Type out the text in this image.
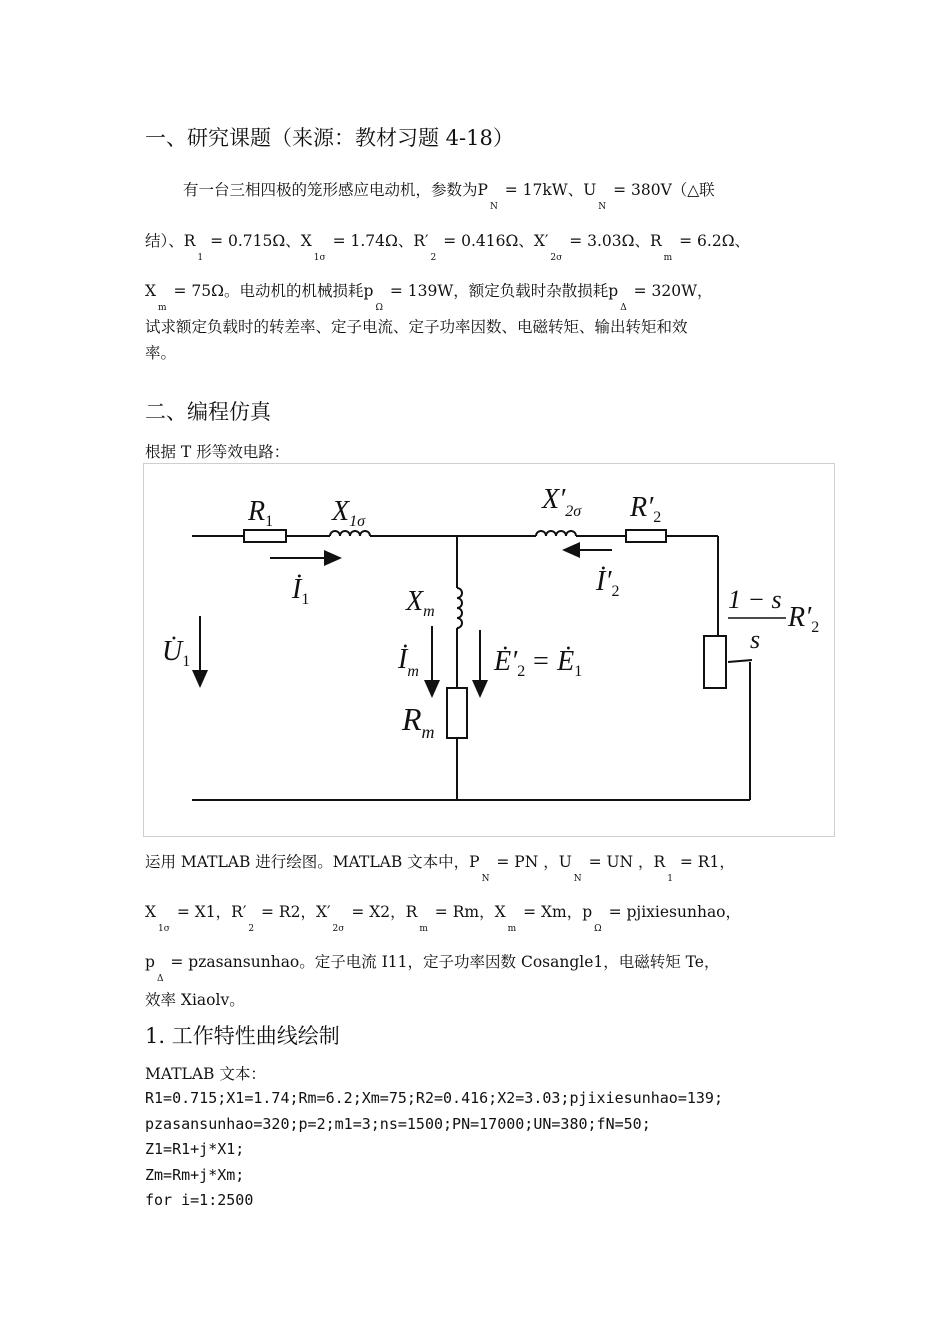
一、研究课题（来源：教材习题 4-18）
有一台三相四极的笼形感应电动机，参数为$P_N = 17kW$、$U_N$ = 380V（△联
结）、$R_1 = 0.715\Omega$、$X_{1\sigma} = 1.74\Omega$、$R'_2 = 0.416\Omega$、$X'_{2\sigma} = 3.03\Omega$、$R_m = 6.2\Omega$、
$X_m = 75\Omega$。电动机的机械损耗$p_\Omega = 139W$，额定负载时杂散损耗$p_\Delta = 320W$，
试求额定负载时的转差率、定子电流、定子功率因数、电磁转矩、输出转矩和效
率。
二、编程仿真
根据 T 形等效电路：
$R_1$ $X_{1\sigma}$
$X'_{2\sigma}$ $R'_2$
$İ_1$
$İ'_2$
$U̇_1$
$X_m$
$İ_m$	$Ė'_2$ = $Ė_1$
$R_m$
1 − s
s
$R'_2$
运用 MATLAB 进行绘图。MATLAB 文本中，$P_N$ = PN ，$U_N$ = UN ，$R_1 = R1$，
$X_{1\sigma} = X1$，$R'_2 = R2$，$X'_{2\sigma} = X2$，$R_m = Rm$，$X_m = Xm$，$p_\Omega$ = pjixiesunhao，
$p_\Delta$ = pzasansunhao。定子电流 I11，定子功率因数 Cosangle1，电磁转矩 Te，
效率 Xiaolv。
1. 工作特性曲线绘制
MATLAB 文本：
R1=0.715;X1=1.74;Rm=6.2;Xm=75;R2=0.416;X2=3.03;pjixiesunhao=139;
pzasansunhao=320;p=2;m1=3;ns=1500;PN=17000;UN=380;fN=50;
Z1=R1+j*X1;
Zm=Rm+j*Xm;
for i=1:2500
